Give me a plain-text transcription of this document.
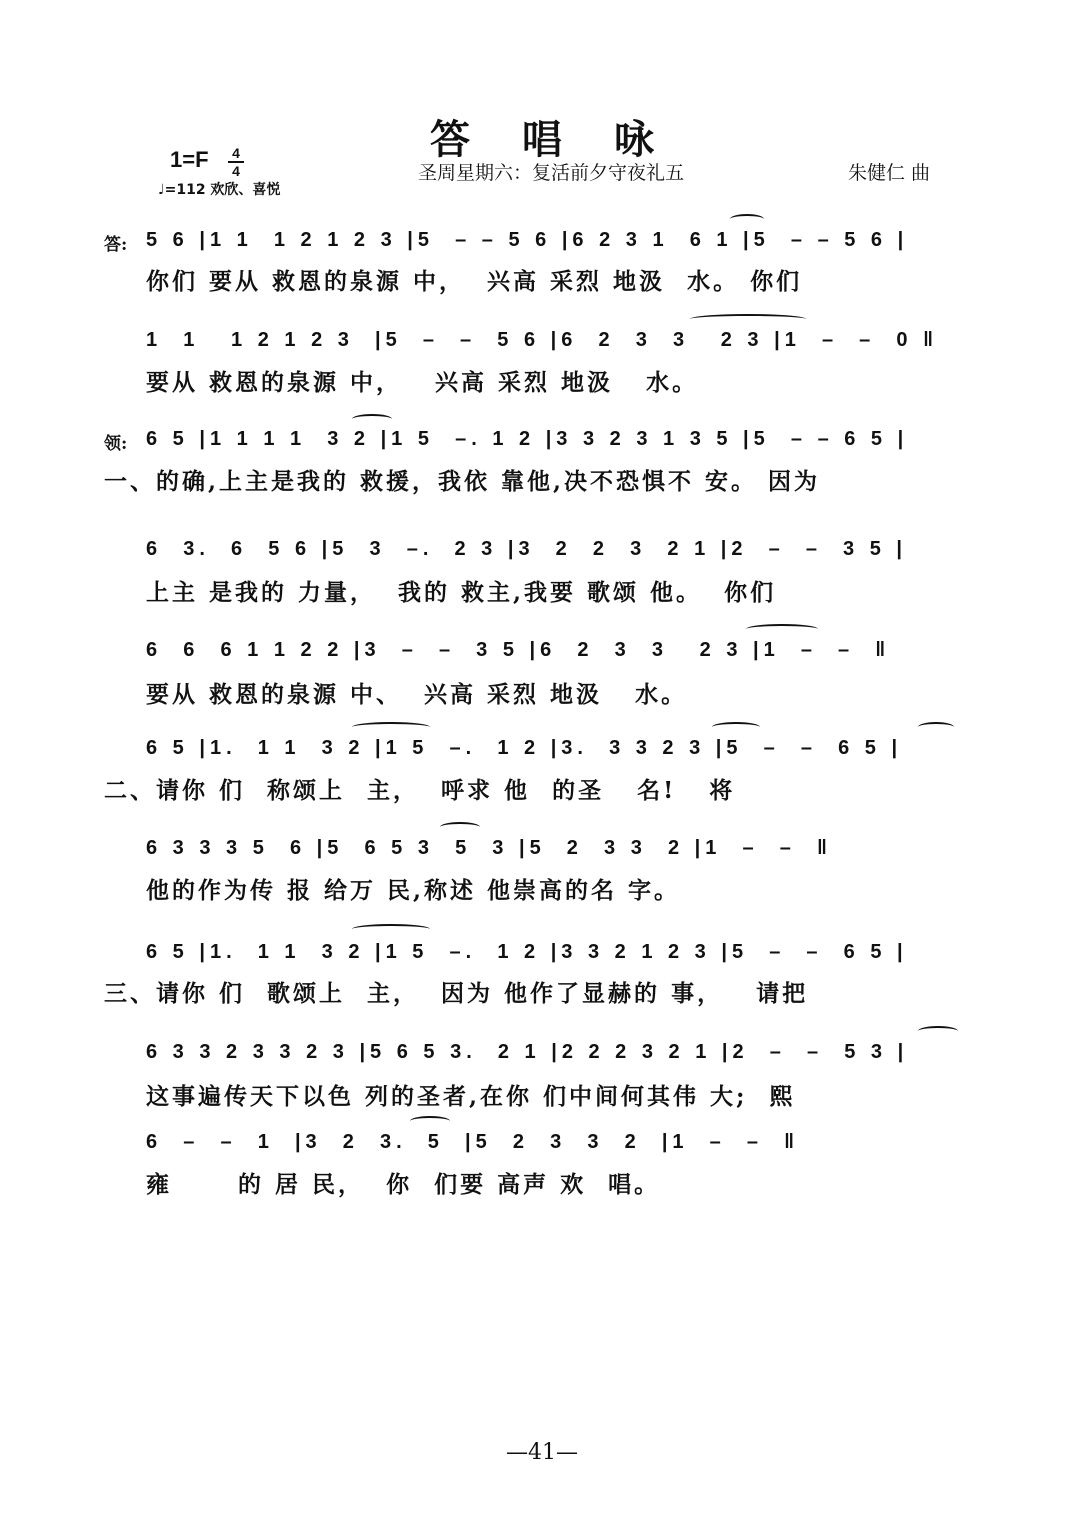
答唱咏
1=F 4
4
♩=112 欢欣、喜悦
圣周星期六：复活前夕守夜礼五	朱健仁 曲
答: 5 6 |1 1  1 2 1 2 3 |5  – – 5 6 |6 2 3 1  6 1 |5  – – 5 6 |
你们 要从 救恩的泉源 中，  兴高 采烈 地汲  水。 你们
1  1   1 2 1 2 3  |5  –  –  5 6 |6  2  3  3   2 3 |1  –  –  0 ‖
要从 救恩的泉源 中，   兴高 采烈 地汲   水。
领: 6 5 |1 1 1 1  3 2 |1 5  –. 1 2 |3 3 2 3 1 3 5 |5  – – 6 5 |
一、的确,上主是我的 救援，我依 靠他,决不恐惧不 安。 因为
6  3.  6  5 6 |5  3  –.  2 3 |3  2  2  3  2 1 |2  –  –  3 5 |
上主 是我的 力量，  我的 救主,我要 歌颂 他。  你们
6  6  6 1 1 2 2 |3  –  –  3 5 |6  2  3  3   2 3 |1  –  –  ‖
要从 救恩的泉源 中、  兴高 采烈 地汲   水。
6 5 |1.  1 1  3 2 |1 5  –.  1 2 |3.  3 3 2 3 |5  –  –  6 5 |
二、请你 们  称颂上  主，  呼求 他  的圣   名!   将
6 3 3 3 5  6 |5  6 5 3  5  3 |5  2  3 3  2 |1  –  –  ‖
他的作为传 报 给万 民,称述 他崇高的名 字。
6 5 |1.  1 1  3 2 |1 5  –.  1 2 |3 3 2 1 2 3 |5  –  –  6 5 |
三、请你 们  歌颂上  主，  因为 他作了显赫的 事，   请把
6 3 3 2 3 3 2 3 |5 6 5 3.  2 1 |2 2 2 3 2 1 |2  –  –  5 3 |
这事遍传天下以色 列的圣者,在你 们中间何其伟 大;  熙
6  –  –  1  |3  2  3.  5  |5  2  3  3  2  |1  –  –  ‖
雍      的 居 民，  你  们要 高声 欢  唱。
—41—
